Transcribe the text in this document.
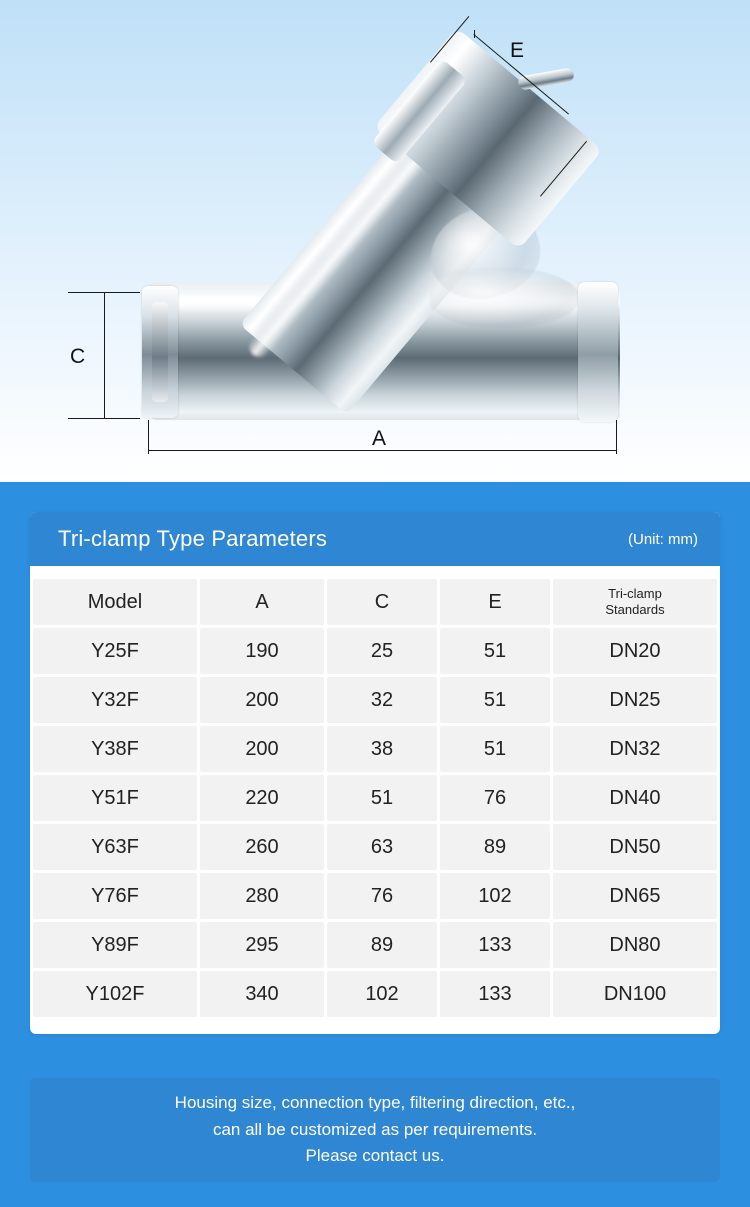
E
C
A
Tri-clamp Type Parameters	(Unit: mm)
Model	A	C	E	Tri-clamp
Standards
Y25F	190	25	51	DN20
Y32F	200	32	51	DN25
Y38F	200	38	51	DN32
Y51F	220	51	76	DN40
Y63F	260	63	89	DN50
Y76F	280	76	102	DN65
Y89F	295	89	133	DN80
Y102F	340	102	133	DN100
Housing size, connection type, filtering direction, etc.,
can all be customized as per requirements.
Please contact us.
